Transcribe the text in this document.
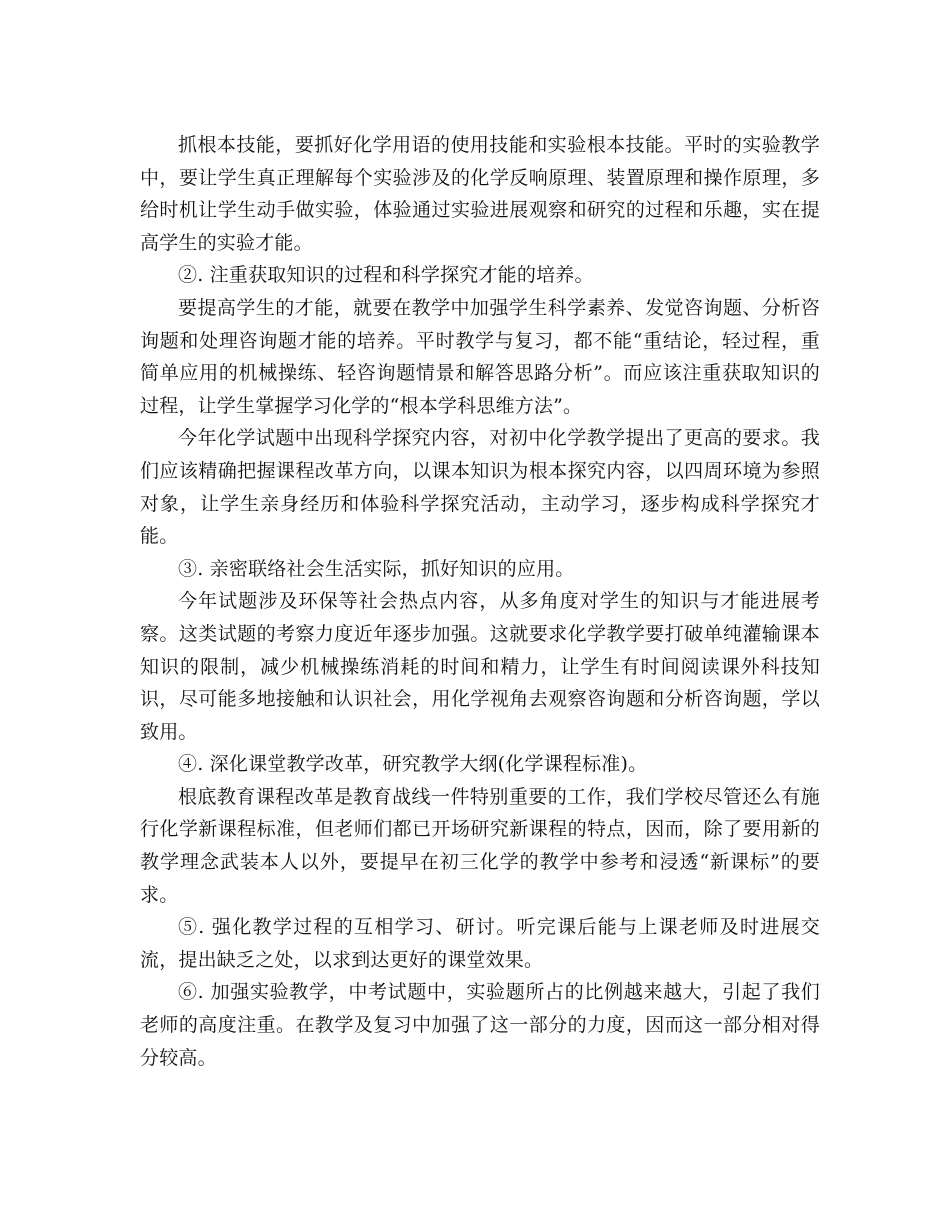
抓根本技能，要抓好化学用语的使用技能和实验根本技能。平时的实验教学中，要让学生真正理解每个实验涉及的化学反响原理、装置原理和操作原理，多给时机让学生动手做实验，体验通过实验进展观察和研究的过程和乐趣，实在提高学生的实验才能。

②. 注重获取知识的过程和科学探究才能的培养。

要提高学生的才能，就要在教学中加强学生科学素养、发觉咨询题、分析咨询题和处理咨询题才能的培养。平时教学与复习，都不能“重结论，轻过程，重简单应用的机械操练、轻咨询题情景和解答思路分析”。而应该注重获取知识的过程，让学生掌握学习化学的“根本学科思维方法”。

今年化学试题中出现科学探究内容，对初中化学教学提出了更高的要求。我们应该精确把握课程改革方向，以课本知识为根本探究内容，以四周环境为参照对象，让学生亲身经历和体验科学探究活动，主动学习，逐步构成科学探究才能。

③. 亲密联络社会生活实际，抓好知识的应用。

今年试题涉及环保等社会热点内容，从多角度对学生的知识与才能进展考察。这类试题的考察力度近年逐步加强。这就要求化学教学要打破单纯灌输课本知识的限制，减少机械操练消耗的时间和精力，让学生有时间阅读课外科技知识，尽可能多地接触和认识社会，用化学视角去观察咨询题和分析咨询题，学以致用。

④. 深化课堂教学改革，研究教学大纲(化学课程标准)。

根底教育课程改革是教育战线一件特别重要的工作，我们学校尽管还么有施行化学新课程标准，但老师们都已开场研究新课程的特点，因而，除了要用新的教学理念武装本人以外，要提早在初三化学的教学中参考和浸透“新课标”的要求。

⑤. 强化教学过程的互相学习、研讨。听完课后能与上课老师及时进展交流，提出缺乏之处，以求到达更好的课堂效果。

⑥. 加强实验教学，中考试题中，实验题所占的比例越来越大，引起了我们老师的高度注重。在教学及复习中加强了这一部分的力度，因而这一部分相对得分较高。
